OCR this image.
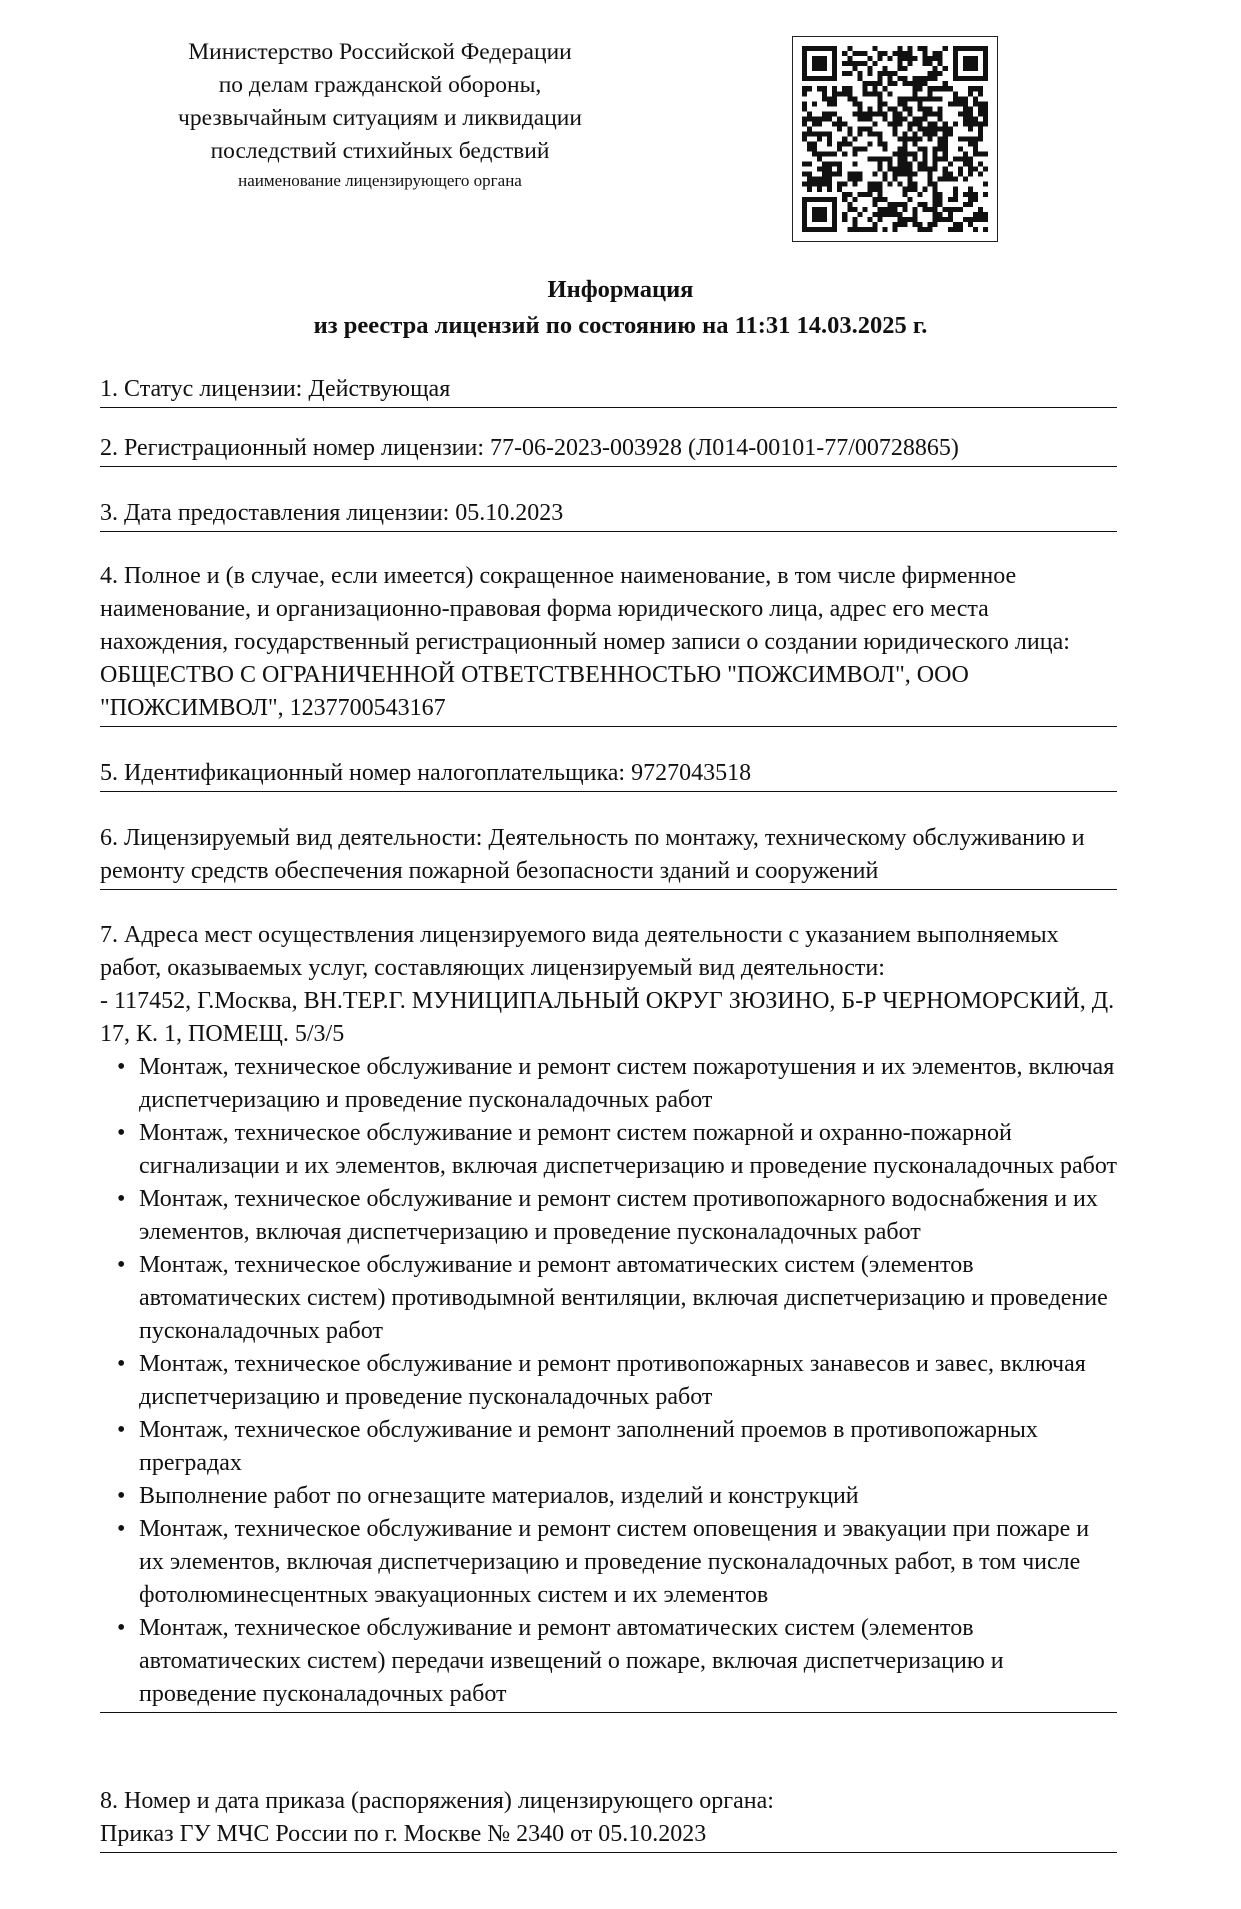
Министерство Российской Федерации
по делам гражданской обороны,
чрезвычайным ситуациям и ликвидации
последствий стихийных бедствий
наименование лицензирующего органа
Информация
из реестра лицензий по состоянию на 11:31 14.03.2025 г.

1. Статус лицензии: Действующая

2. Регистрационный номер лицензии: 77-06-2023-003928 (Л014-00101-77/00728865)

3. Дата предоставления лицензии: 05.10.2023

4. Полное и (в случае, если имеется) сокращенное наименование, в том числе фирменное наименование, и организационно-правовая форма юридического лица, адрес его места нахождения, государственный регистрационный номер записи о создании юридического лица: ОБЩЕСТВО С ОГРАНИЧЕННОЙ ОТВЕТСТВЕННОСТЬЮ "ПОЖСИМВОЛ", ООО "ПОЖСИМВОЛ", 1237700543167

5. Идентификационный номер налогоплательщика: 9727043518

6. Лицензируемый вид деятельности: Деятельность по монтажу, техническому обслуживанию и ремонту средств обеспечения пожарной безопасности зданий и сооружений

7. Адреса мест осуществления лицензируемого вида деятельности с указанием выполняемых работ, оказываемых услуг, составляющих лицензируемый вид деятельности:

- 117452, Г.Москва, ВН.ТЕР.Г. МУНИЦИПАЛЬНЫЙ ОКРУГ ЗЮЗИНО, Б-Р ЧЕРНОМОРСКИЙ, Д. 17, К. 1, ПОМЕЩ. 5/3/5

• Монтаж, техническое обслуживание и ремонт систем пожаротушения и их элементов, включая диспетчеризацию и проведение пусконаладочных работ
• Монтаж, техническое обслуживание и ремонт систем пожарной и охранно-пожарной сигнализации и их элементов, включая диспетчеризацию и проведение пусконаладочных работ
• Монтаж, техническое обслуживание и ремонт систем противопожарного водоснабжения и их элементов, включая диспетчеризацию и проведение пусконаладочных работ
• Монтаж, техническое обслуживание и ремонт автоматических систем (элементов автоматических систем) противодымной вентиляции, включая диспетчеризацию и проведение пусконаладочных работ
• Монтаж, техническое обслуживание и ремонт противопожарных занавесов и завес, включая диспетчеризацию и проведение пусконаладочных работ
• Монтаж, техническое обслуживание и ремонт заполнений проемов в противопожарных преградах
• Выполнение работ по огнезащите материалов, изделий и конструкций
• Монтаж, техническое обслуживание и ремонт систем оповещения и эвакуации при пожаре и их элементов, включая диспетчеризацию и проведение пусконаладочных работ, в том числе фотолюминесцентных эвакуационных систем и их элементов
• Монтаж, техническое обслуживание и ремонт автоматических систем (элементов автоматических систем) передачи извещений о пожаре, включая диспетчеризацию и проведение пусконаладочных работ

8. Номер и дата приказа (распоряжения) лицензирующего органа:

Приказ ГУ МЧС России по г. Москве № 2340 от 05.10.2023
